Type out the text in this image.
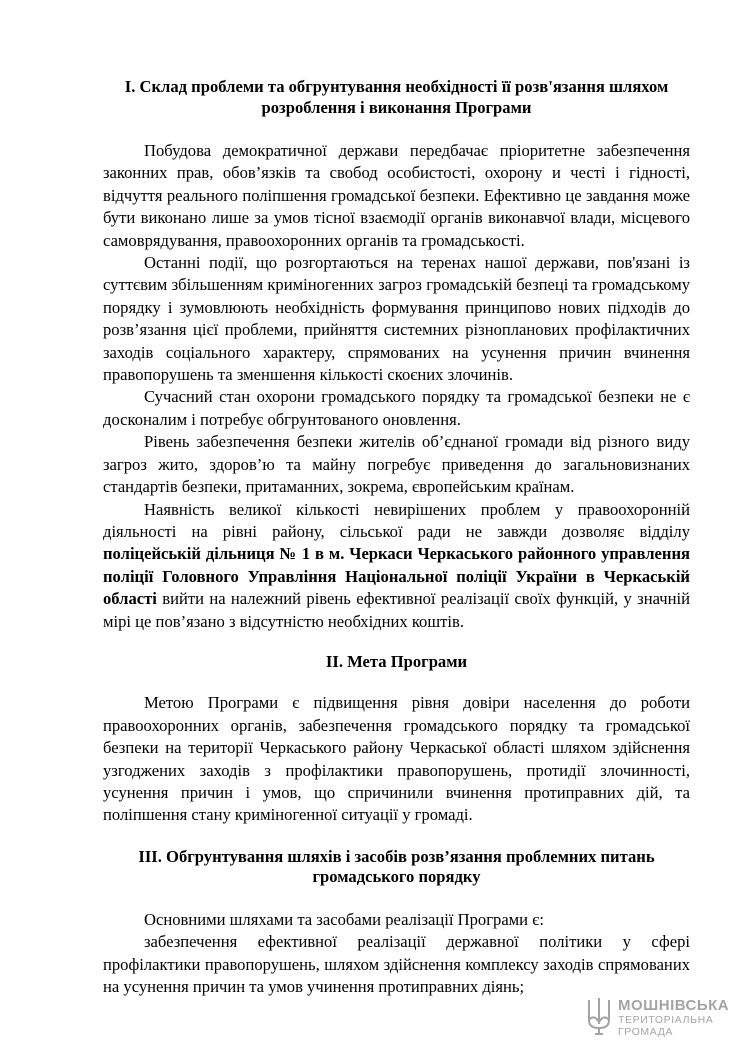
I. Склад проблеми та обгрунтування необхідності її розв'язання шляхом розроблення і виконання Програми

Побудова демократичної держави передбачає пріоритетне забезпечення законних прав, обов’язків та свобод особистості, охорону и честі і гідності, відчуття реального поліпшення громадської безпеки. Ефективно це завдання може бути виконано лише за умов тісної взаємодії органів виконавчої влади, місцевого самоврядування, правоохоронних органів та громадськості.

Останні події, що розгортаються на теренах нашої держави, пов'язані із суттєвим збільшенням криміногенних загроз громадській безпеці та громадському порядку і зумовлюють необхідність формування принципово нових підходів до розв’язання цієї проблеми, прийняття системних різнопланових профілактичних заходів соціального характеру, спрямованих на усунення причин вчинення правопорушень та зменшення кількості скоєних злочинів.

Сучасний стан охорони громадського порядку та громадської безпеки не є досконалим і потребує обгрунтованого оновлення.

Рівень забезпечення безпеки жителів об’єднаної громади від різного виду загроз жито, здоров’ю та майну погребує приведення до загальновизнаних стандартів безпеки, притаманних, зокрема, європейським країнам.

Наявність великої кількості невирішених проблем у правоохоронній діяльності на рівні району, сільської ради не завжди дозволяє відділу поліцейській дільниця № 1 в м. Черкаси Черкаського районного управлення поліції Головного Управління Національної поліції України в Черкаській області вийти на належний рівень ефективної реалізації своїх функцій, у значній мірі це пов’язано з відсутністю необхідних коштів.

II. Мета Програми

Метою Програми є підвищення рівня довіри населення до роботи правоохоронних органів, забезпечення громадського порядку та громадської безпеки на території Черкаського району Черкаської області шляхом здійснення узгоджених заходів з профілактики правопорушень, протидії злочинності, усунення причин і умов, що спричинили вчинення протиправних дій, та поліпшення стану криміногенної ситуації у громаді.

III. Обгрунтування шляхів і засобів розв’язання проблемних питань громадського порядку

Основними шляхами та засобами реалізації Програми є:

забезпечення ефективної реалізації державної політики у сфері профілактики правопорушень, шляхом здійснення комплексу заходів спрямованих на усунення причин та умов учинення протиправних діянь;

МОШНІВСЬКА
ТЕРИТОРІАЛЬНА
ГРОМАДА
